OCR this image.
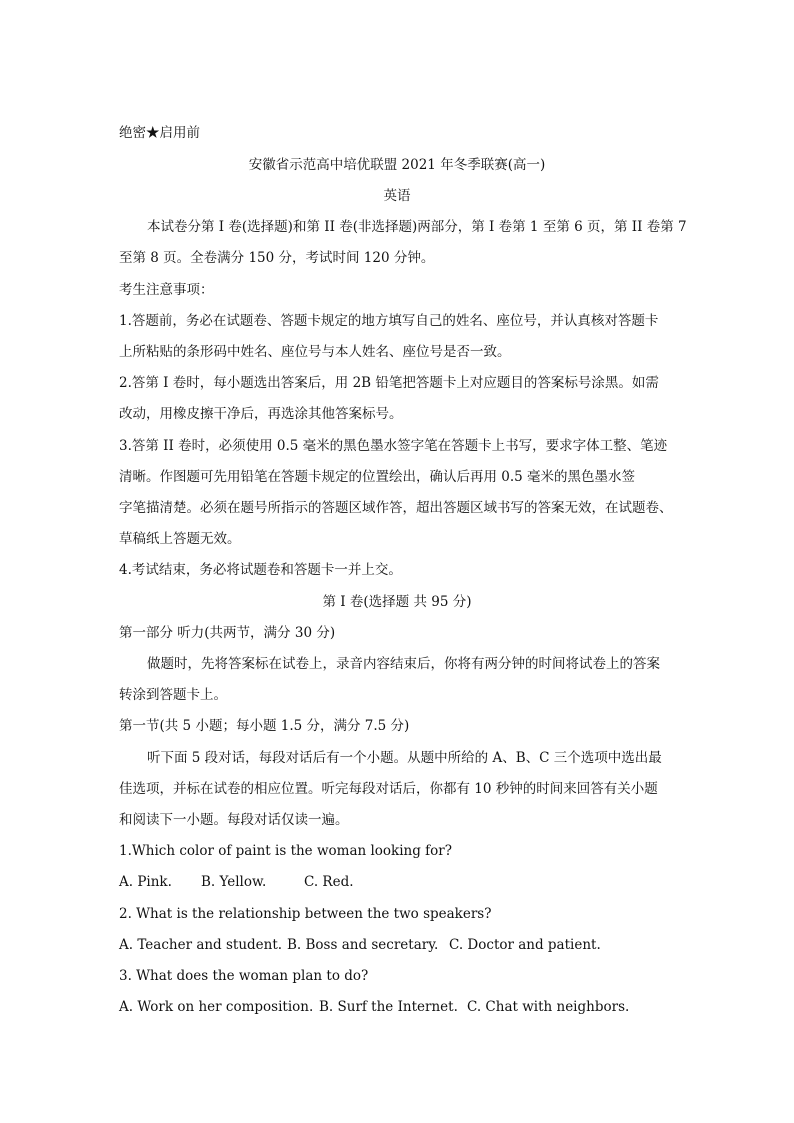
绝密★启用前
安徽省示范高中培优联盟 2021 年冬季联赛(高一)
英语
本试卷分第 I 卷(选择题)和第 II 卷(非选择题)两部分，第 I 卷第 1 至第 6 页，第 II 卷第 7
至第 8 页。全卷满分 150 分，考试时间 120 分钟。
考生注意事项：
1.答题前，务必在试题卷、答题卡规定的地方填写自己的姓名、座位号，并认真核对答题卡
上所粘贴的条形码中姓名、座位号与本人姓名、座位号是否一致。
2.答第 I 卷时，每小题选出答案后，用 2B 铅笔把答题卡上对应题目的答案标号涂黑。如需
改动，用橡皮擦干净后，再选涂其他答案标号。
3.答第 II 卷时，必须使用 0.5 毫米的黑色墨水签字笔在答题卡上书写，要求字体工整、笔迹
清晰。作图题可先用铅笔在答题卡规定的位置绘出，确认后再用 0.5 毫米的黑色墨水签
字笔描清楚。必须在题号所指示的答题区域作答，超出答题区域书写的答案无效，在试题卷、
草稿纸上答题无效。
4.考试结束，务必将试题卷和答题卡一并上交。
第 I 卷(选择题 共 95 分)
第一部分 听力(共两节，满分 30 分)
做题时，先将答案标在试卷上，录音内容结束后，你将有两分钟的时间将试卷上的答案
转涂到答题卡上。
第一节(共 5 小题；每小题 1.5 分，满分 7.5 分)
听下面 5 段对话，每段对话后有一个小题。从题中所给的 A、B、C 三个选项中选出最
佳选项，并标在试卷的相应位置。听完每段对话后，你都有 10 秒钟的时间来回答有关小题
和阅读下一小题。每段对话仅读一遍。
1.Which color of paint is the woman looking for?
A. Pink. B. Yellow.	C. Red.
2. What is the relationship between the two speakers?
A. Teacher and student. B. Boss and secretary. C. Doctor and patient.
3. What does the woman plan to do?
A. Work on her composition. B. Surf the Internet. C. Chat with neighbors.
